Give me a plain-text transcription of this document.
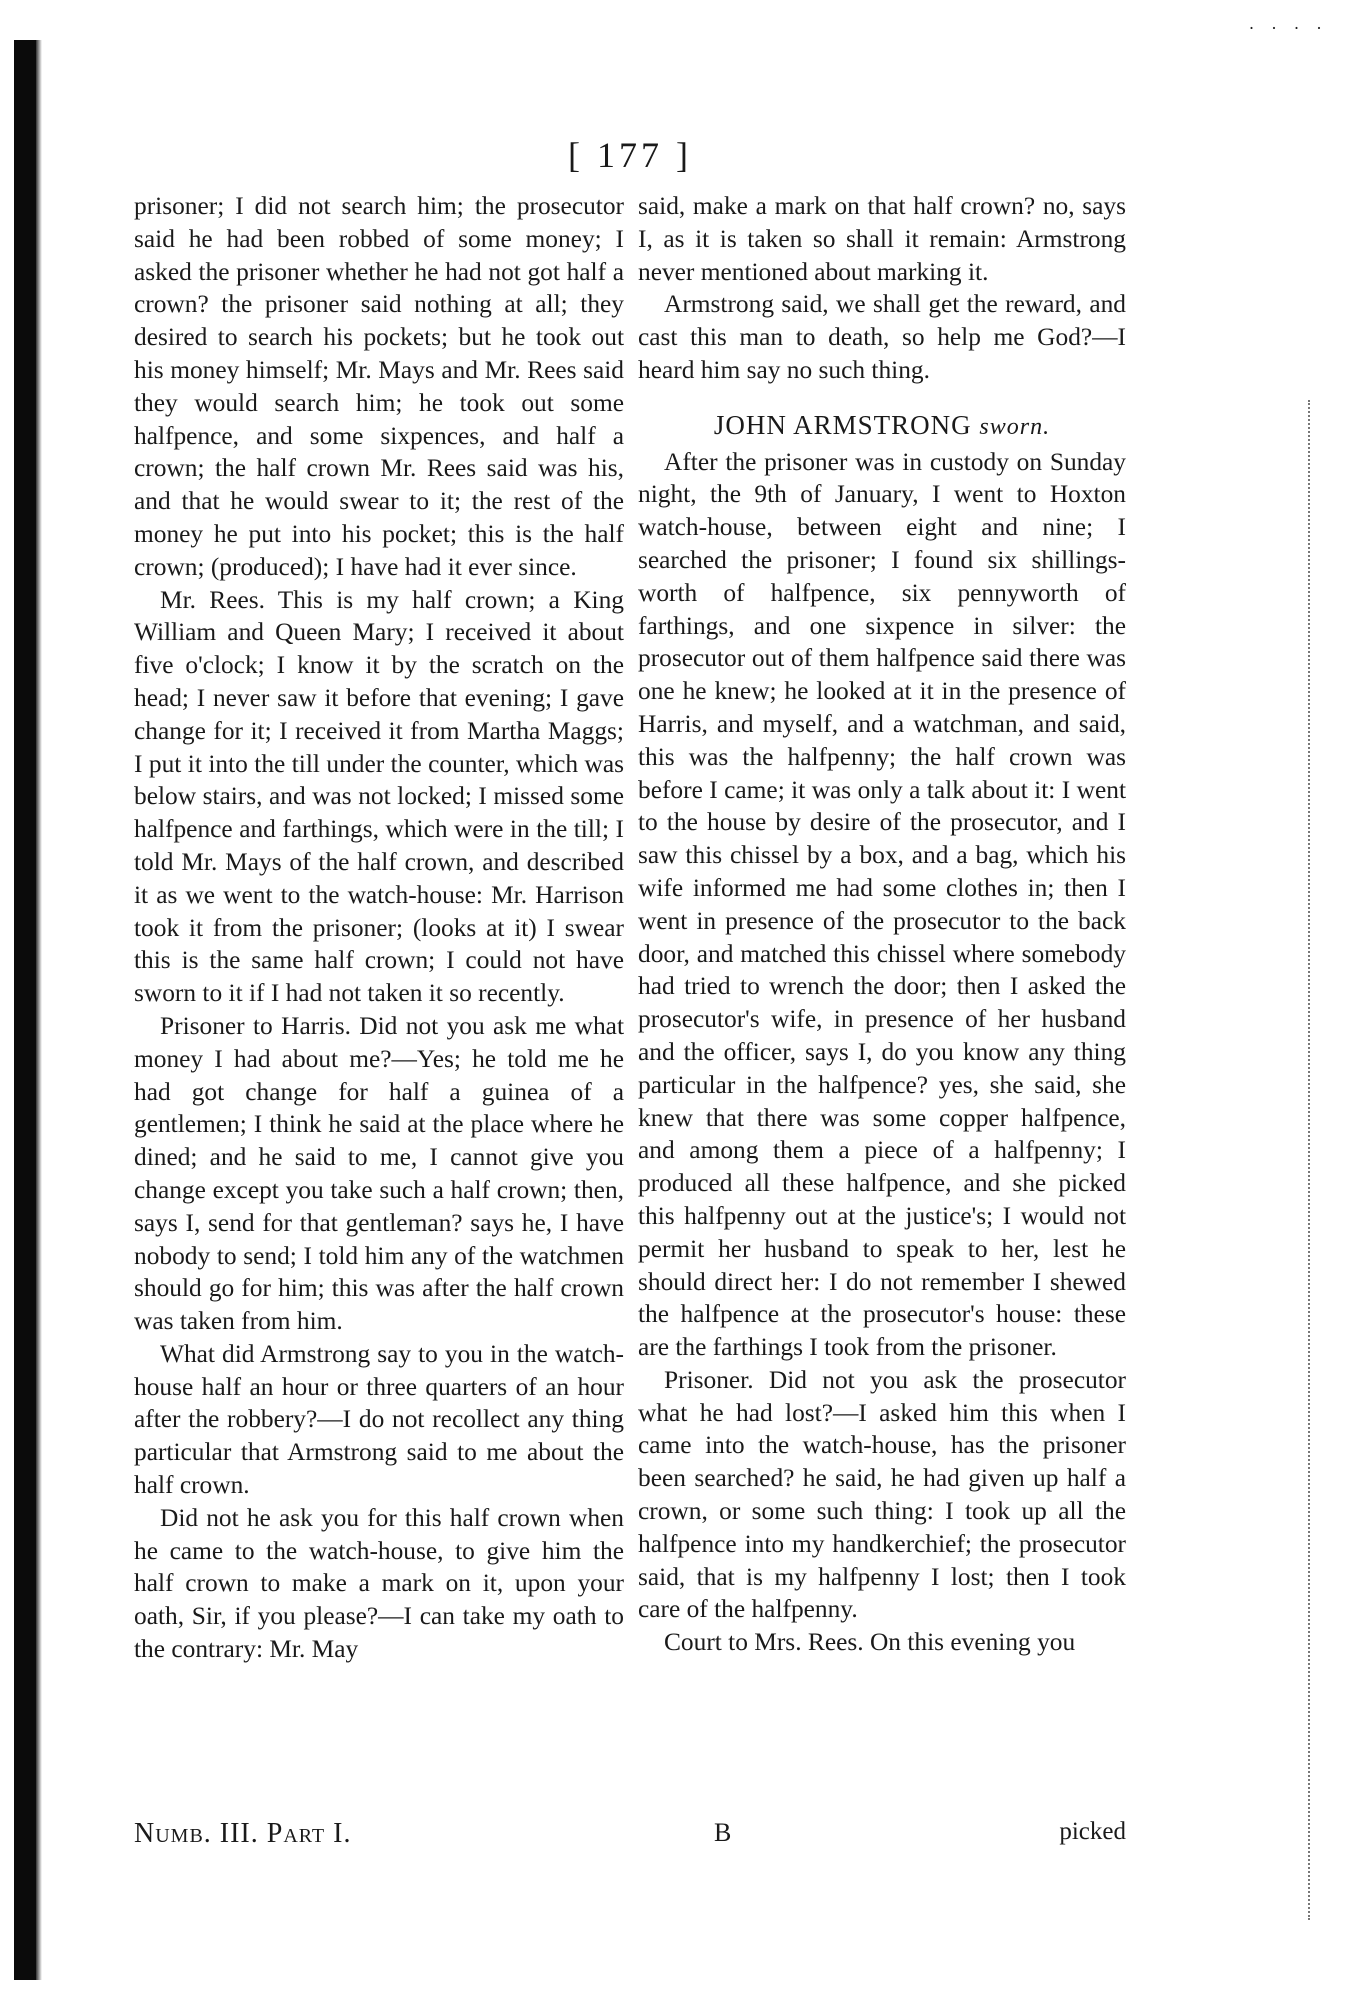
· · · ·
[ 177 ]

prisoner; I did not search him; the prosecutor said he had been robbed of some money; I asked the prisoner whether he had not got half a crown? the prisoner said nothing at all; they desired to search his pockets; but he took out his money himself; Mr. Mays and Mr. Rees said they would search him; he took out some halfpence, and some sixpences, and half a crown; the half crown Mr. Rees said was his, and that he would swear to it; the rest of the money he put into his pocket; this is the half crown; (produced); I have had it ever since.

Mr. Rees. This is my half crown; a King William and Queen Mary; I received it about five o'clock; I know it by the scratch on the head; I never saw it before that evening; I gave change for it; I received it from Martha Maggs; I put it into the till under the counter, which was below stairs, and was not locked; I missed some halfpence and farthings, which were in the till; I told Mr. Mays of the half crown, and described it as we went to the watch-house: Mr. Harrison took it from the prisoner; (looks at it) I swear this is the same half crown; I could not have sworn to it if I had not taken it so recently.

Prisoner to Harris. Did not you ask me what money I had about me?—Yes; he told me he had got change for half a guinea of a gentlemen; I think he said at the place where he dined; and he said to me, I cannot give you change except you take such a half crown; then, says I, send for that gentleman? says he, I have nobody to send; I told him any of the watchmen should go for him; this was after the half crown was taken from him.

What did Armstrong say to you in the watch-house half an hour or three quarters of an hour after the robbery?—I do not recollect any thing particular that Armstrong said to me about the half crown.

Did not he ask you for this half crown when he came to the watch-house, to give him the half crown to make a mark on it, upon your oath, Sir, if you please?—I can take my oath to the contrary: Mr. May

said, make a mark on that half crown? no, says I, as it is taken so shall it remain: Armstrong never mentioned about marking it.

Armstrong said, we shall get the reward, and cast this man to death, so help me God?—I heard him say no such thing.

JOHN ARMSTRONG sworn.

After the prisoner was in custody on Sunday night, the 9th of January, I went to Hoxton watch-house, between eight and nine; I searched the prisoner; I found six shillings-worth of halfpence, six pennyworth of farthings, and one sixpence in silver: the prosecutor out of them halfpence said there was one he knew; he looked at it in the presence of Harris, and myself, and a watchman, and said, this was the halfpenny; the half crown was before I came; it was only a talk about it: I went to the house by desire of the prosecutor, and I saw this chissel by a box, and a bag, which his wife informed me had some clothes in; then I went in presence of the prosecutor to the back door, and matched this chissel where somebody had tried to wrench the door; then I asked the prosecutor's wife, in presence of her husband and the officer, says I, do you know any thing particular in the halfpence? yes, she said, she knew that there was some copper halfpence, and among them a piece of a halfpenny; I produced all these halfpence, and she picked this halfpenny out at the justice's; I would not permit her husband to speak to her, lest he should direct her: I do not remember I shewed the halfpence at the prosecutor's house: these are the farthings I took from the prisoner.

Prisoner. Did not you ask the prosecutor what he had lost?—I asked him this when I came into the watch-house, has the prisoner been searched? he said, he had given up half a crown, or some such thing: I took up all the halfpence into my handkerchief; the prosecutor said, that is my halfpenny I lost; then I took care of the halfpenny.

Court to Mrs. Rees. On this evening you

Numb. III. Part I.	B	picked
